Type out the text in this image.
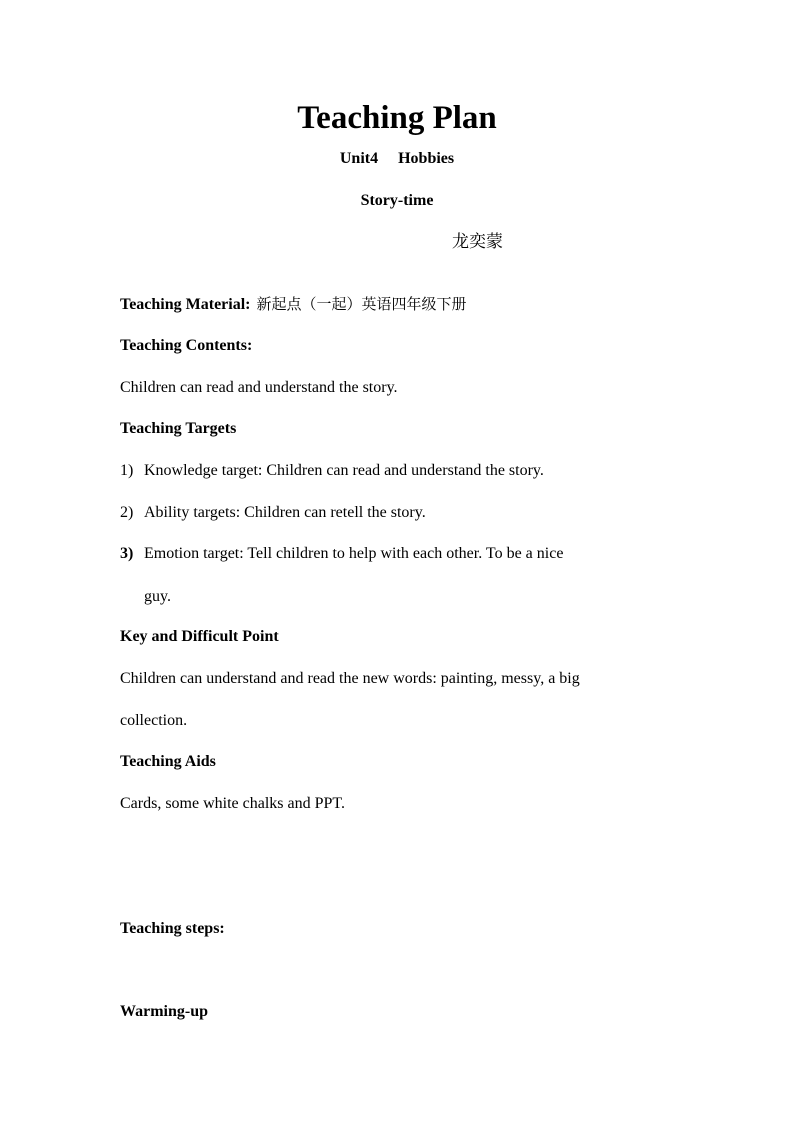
Teaching Plan
Unit4 Hobbies
Story-time
龙奕蒙
Teaching Material: 新起点（一起）英语四年级下册
Teaching Contents:
Children can read and understand the story.
Teaching Targets
1) Knowledge target: Children can read and understand the story.
2) Ability targets: Children can retell the story.
3) Emotion target: Tell children to help with each other. To be a nice
guy.
Key and Difficult Point
Children can understand and read the new words: painting, messy, a big
collection.
Teaching Aids
Cards, some white chalks and PPT.
Teaching steps:
Warming-up
